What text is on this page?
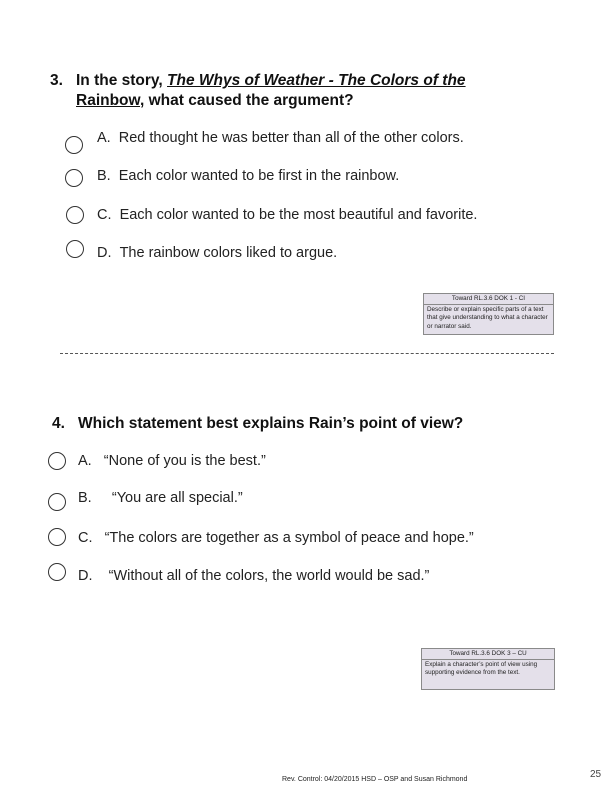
3. In the story, The Whys of Weather - The Colors of the
Rainbow, what caused the argument?
A. Red thought he was better than all of the other colors.
B. Each color wanted to be first in the rainbow.
C. Each color wanted to be the most beautiful and favorite.
D. The rainbow colors liked to argue.
Toward RL.3.6 DOK 1 - CI
Describe or explain specific parts of a text that give understanding to what a character or narrator said.
4. Which statement best explains Rain’s point of view?
A. “None of you is the best.”
B. “You are all special.”
C. “The colors are together as a symbol of peace and hope.”
D. “Without all of the colors, the world would be sad.”
Toward RL.3.6 DOK 3 – CU
Explain a character’s point of view using supporting evidence from the text.
Rev. Control: 04/20/2015 HSD – OSP and Susan Richmond	25
